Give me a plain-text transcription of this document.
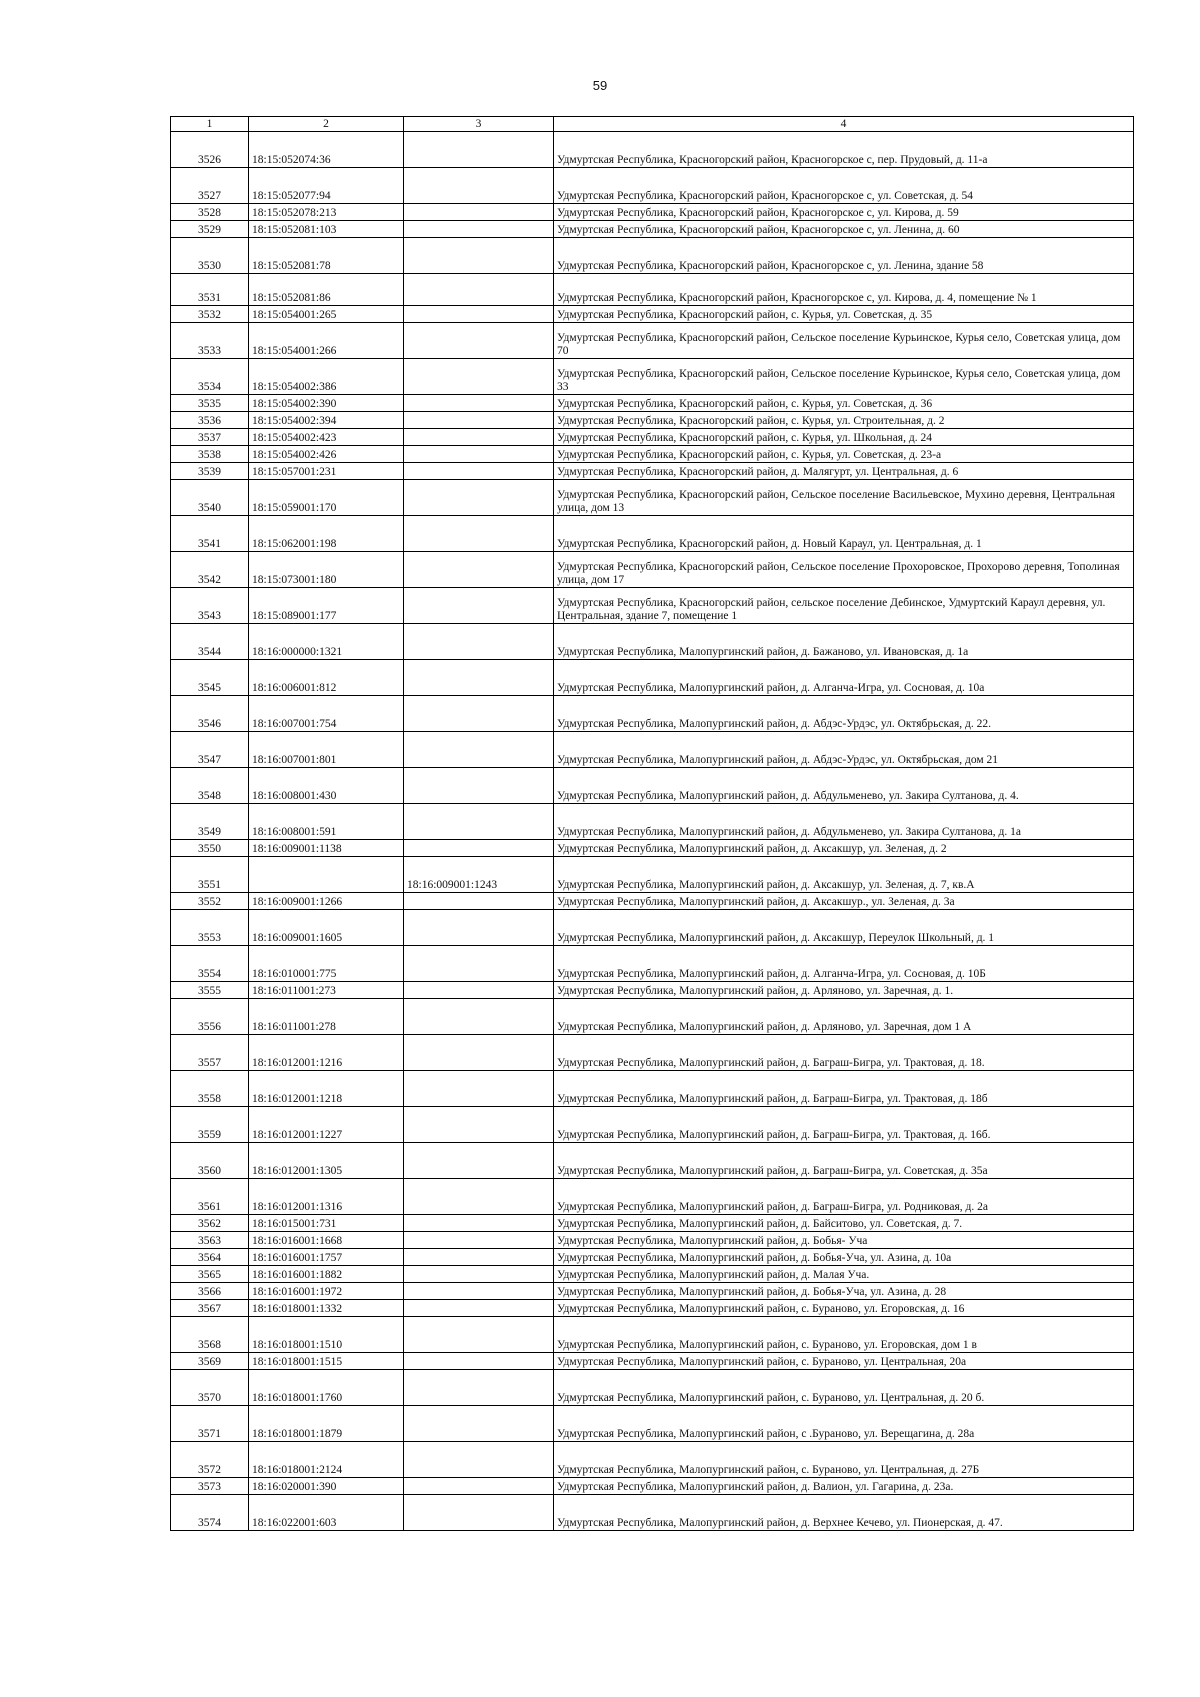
59
1	2	3	4
3526	18:15:052074:36		Удмуртская Республика, Красногорский район, Красногорское с, пер. Прудовый, д. 11-а
3527	18:15:052077:94		Удмуртская Республика, Красногорский район, Красногорское с, ул. Советская, д. 54
3528	18:15:052078:213		Удмуртская Республика, Красногорский район, Красногорское с, ул. Кирова, д. 59
3529	18:15:052081:103		Удмуртская Республика, Красногорский район, Красногорское с, ул. Ленина, д. 60
3530	18:15:052081:78		Удмуртская Республика, Красногорский район, Красногорское с, ул. Ленина, здание 58
3531	18:15:052081:86		Удмуртская Республика, Красногорский район, Красногорское с, ул. Кирова, д. 4, помещение № 1
3532	18:15:054001:265		Удмуртская Республика, Красногорский район, с. Курья, ул. Советская, д. 35
3533	18:15:054001:266		Удмуртская Республика, Красногорский район, Сельское поселение Курьинское, Курья село, Советская улица, дом 70
3534	18:15:054002:386		Удмуртская Республика, Красногорский район, Сельское поселение Курьинское, Курья село, Советская улица, дом 33
3535	18:15:054002:390		Удмуртская Республика, Красногорский район, с. Курья, ул. Советская, д. 36
3536	18:15:054002:394		Удмуртская Республика, Красногорский район, с. Курья, ул. Строительная, д. 2
3537	18:15:054002:423		Удмуртская Республика, Красногорский район, с. Курья, ул. Школьная, д. 24
3538	18:15:054002:426		Удмуртская Республика, Красногорский район, с. Курья, ул. Советская, д. 23-а
3539	18:15:057001:231		Удмуртская Республика, Красногорский район, д. Малягурт, ул. Центральная, д. 6
3540	18:15:059001:170		Удмуртская Республика, Красногорский район, Сельское поселение Васильевское, Мухино деревня, Центральная улица, дом 13
3541	18:15:062001:198		Удмуртская Республика, Красногорский район, д. Новый Караул, ул. Центральная, д. 1
3542	18:15:073001:180		Удмуртская Республика, Красногорский район, Сельское поселение Прохоровское, Прохорово деревня, Тополиная улица, дом 17
3543	18:15:089001:177		Удмуртская Республика, Красногорский район, сельское поселение Дебинское, Удмуртский Караул деревня, ул. Центральная, здание 7, помещение 1
3544	18:16:000000:1321		Удмуртская Республика, Малопургинский район, д. Бажаново, ул. Ивановская, д. 1а
3545	18:16:006001:812		Удмуртская Республика, Малопургинский район, д. Алганча-Игра, ул. Сосновая, д. 10а
3546	18:16:007001:754		Удмуртская Республика, Малопургинский район, д. Абдэс-Урдэс, ул. Октябрьская, д. 22.
3547	18:16:007001:801		Удмуртская Республика, Малопургинский район, д. Абдэс-Урдэс, ул. Октябрьская, дом 21
3548	18:16:008001:430		Удмуртская Республика, Малопургинский район, д. Абдульменево, ул. Закира Султанова, д. 4.
3549	18:16:008001:591		Удмуртская Республика, Малопургинский район, д. Абдульменево, ул. Закира Султанова, д. 1а
3550	18:16:009001:1138		Удмуртская Республика, Малопургинский район, д. Аксакшур, ул. Зеленая, д. 2
3551		18:16:009001:1243	Удмуртская Республика, Малопургинский район, д. Аксакшур, ул. Зеленая, д. 7, кв.А
3552	18:16:009001:1266		Удмуртская Республика, Малопургинский район, д. Аксакшур., ул. Зеленая, д. 3а
3553	18:16:009001:1605		Удмуртская Республика, Малопургинский район, д. Аксакшур, Переулок Школьный, д. 1
3554	18:16:010001:775		Удмуртская Республика, Малопургинский район, д. Алганча-Игра, ул. Сосновая, д. 10Б
3555	18:16:011001:273		Удмуртская Республика, Малопургинский район, д. Арляново, ул. Заречная, д. 1.
3556	18:16:011001:278		Удмуртская Республика, Малопургинский район, д. Арляново, ул. Заречная, дом 1 А
3557	18:16:012001:1216		Удмуртская Республика, Малопургинский район, д. Баграш-Бигра, ул. Трактовая, д. 18.
3558	18:16:012001:1218		Удмуртская Республика, Малопургинский район, д. Баграш-Бигра, ул. Трактовая, д. 18б
3559	18:16:012001:1227		Удмуртская Республика, Малопургинский район, д. Баграш-Бигра, ул. Трактовая, д. 16б.
3560	18:16:012001:1305		Удмуртская Республика, Малопургинский район, д. Баграш-Бигра, ул. Советская, д. 35а
3561	18:16:012001:1316		Удмуртская Республика, Малопургинский район, д. Баграш-Бигра, ул. Родниковая, д. 2а
3562	18:16:015001:731		Удмуртская Республика, Малопургинский район, д. Байситово, ул. Советская, д. 7.
3563	18:16:016001:1668		Удмуртская Республика, Малопургинский район, д. Бобья- Уча
3564	18:16:016001:1757		Удмуртская Республика, Малопургинский район, д. Бобья-Уча, ул. Азина, д. 10а
3565	18:16:016001:1882		Удмуртская Республика, Малопургинский район, д. Малая Уча.
3566	18:16:016001:1972		Удмуртская Республика, Малопургинский район, д. Бобья-Уча, ул. Азина, д. 28
3567	18:16:018001:1332		Удмуртская Республика, Малопургинский район, с. Бураново, ул. Егоровская, д. 16
3568	18:16:018001:1510		Удмуртская Республика, Малопургинский район, с. Бураново, ул. Егоровская, дом 1 в
3569	18:16:018001:1515		Удмуртская Республика, Малопургинский район, с. Бураново, ул. Центральная, 20а
3570	18:16:018001:1760		Удмуртская Республика, Малопургинский район, с. Бураново, ул. Центральная, д. 20 б.
3571	18:16:018001:1879		Удмуртская Республика, Малопургинский район, с .Бураново, ул. Верещагина, д. 28а
3572	18:16:018001:2124		Удмуртская Республика, Малопургинский район, с. Бураново, ул. Центральная, д. 27Б
3573	18:16:020001:390		Удмуртская Республика, Малопургинский район, д. Валион, ул. Гагарина, д. 23а.
3574	18:16:022001:603		Удмуртская Республика, Малопургинский район, д. Верхнее Кечево, ул. Пионерская, д. 47.
